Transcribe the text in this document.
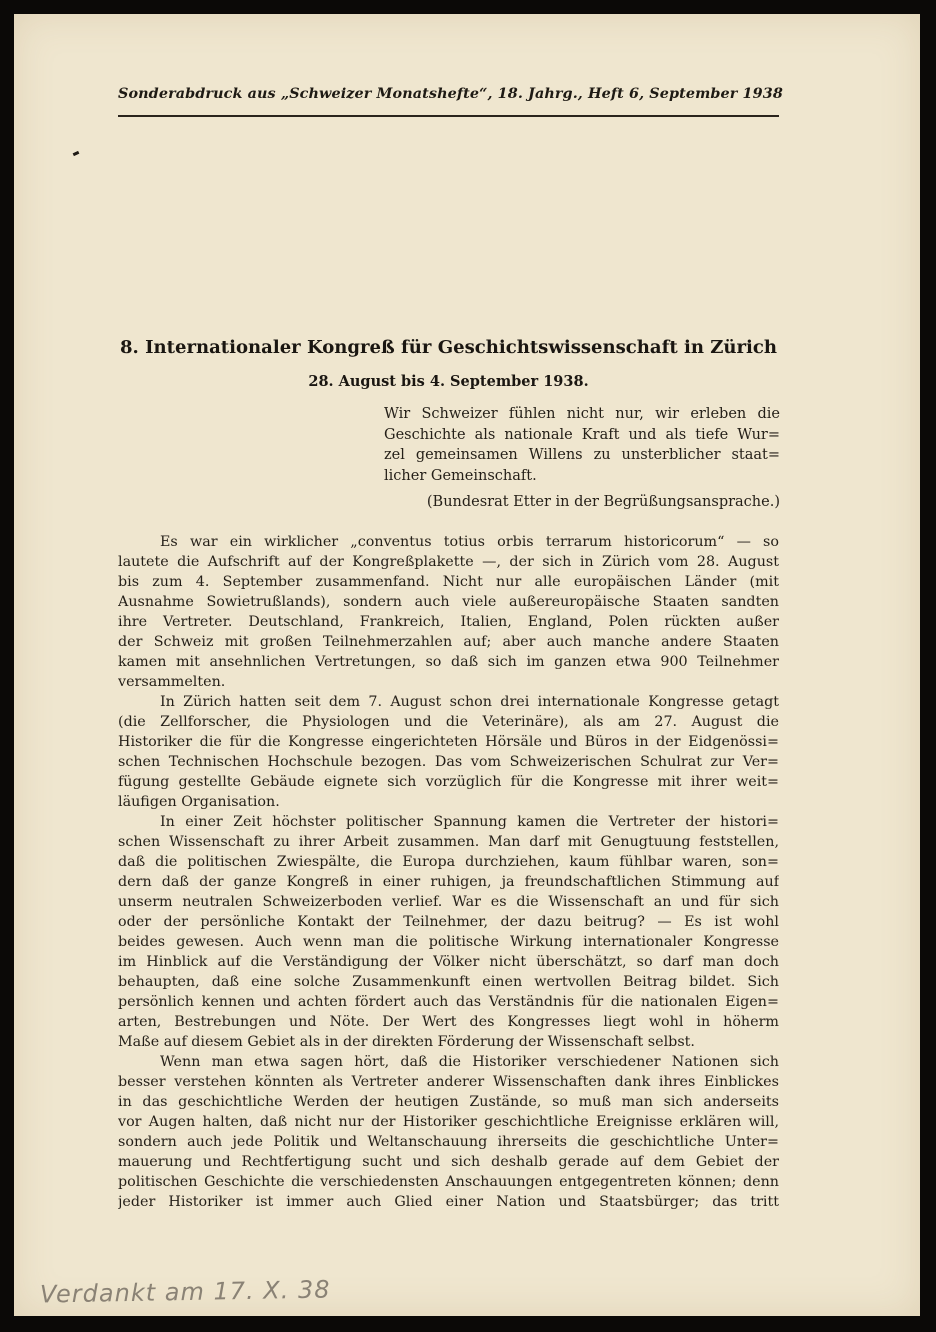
Sonderabdruck aus „Schweizer Monatshefte“, 18. Jahrg., Heft 6, September 1938
8. Internationaler Kongreß für Geschichtswissenschaft in Zürich
28. August bis 4. September 1938.
Wir Schweizer fühlen nicht nur, wir erleben die
Geschichte als nationale Kraft und als tiefe Wur=
zel gemeinsamen Willens zu unsterblicher staat=
licher Gemeinschaft.
(Bundesrat Etter in der Begrüßungsansprache.)
Es war ein wirklicher „conventus totius orbis terrarum historicorum“ — so
lautete die Aufschrift auf der Kongreßplakette —, der sich in Zürich vom 28. August
bis zum 4. September zusammenfand. Nicht nur alle europäischen Länder (mit
Ausnahme Sowietrußlands), sondern auch viele außereuropäische Staaten sandten
ihre Vertreter. Deutschland, Frankreich, Italien, England, Polen rückten außer
der Schweiz mit großen Teilnehmerzahlen auf; aber auch manche andere Staaten
kamen mit ansehnlichen Vertretungen, so daß sich im ganzen etwa 900 Teilnehmer
versammelten.
In Zürich hatten seit dem 7. August schon drei internationale Kongresse getagt
(die Zellforscher, die Physiologen und die Veterinäre), als am 27. August die
Historiker die für die Kongresse eingerichteten Hörsäle und Büros in der Eidgenössi=
schen Technischen Hochschule bezogen. Das vom Schweizerischen Schulrat zur Ver=
fügung gestellte Gebäude eignete sich vorzüglich für die Kongresse mit ihrer weit=
läufigen Organisation.
In einer Zeit höchster politischer Spannung kamen die Vertreter der histori=
schen Wissenschaft zu ihrer Arbeit zusammen. Man darf mit Genugtuung feststellen,
daß die politischen Zwiespälte, die Europa durchziehen, kaum fühlbar waren, son=
dern daß der ganze Kongreß in einer ruhigen, ja freundschaftlichen Stimmung auf
unserm neutralen Schweizerboden verlief. War es die Wissenschaft an und für sich
oder der persönliche Kontakt der Teilnehmer, der dazu beitrug? — Es ist wohl
beides gewesen. Auch wenn man die politische Wirkung internationaler Kongresse
im Hinblick auf die Verständigung der Völker nicht überschätzt, so darf man doch
behaupten, daß eine solche Zusammenkunft einen wertvollen Beitrag bildet. Sich
persönlich kennen und achten fördert auch das Verständnis für die nationalen Eigen=
arten, Bestrebungen und Nöte. Der Wert des Kongresses liegt wohl in höherm
Maße auf diesem Gebiet als in der direkten Förderung der Wissenschaft selbst.
Wenn man etwa sagen hört, daß die Historiker verschiedener Nationen sich
besser verstehen könnten als Vertreter anderer Wissenschaften dank ihres Einblickes
in das geschichtliche Werden der heutigen Zustände, so muß man sich anderseits
vor Augen halten, daß nicht nur der Historiker geschichtliche Ereignisse erklären will,
sondern auch jede Politik und Weltanschauung ihrerseits die geschichtliche Unter=
mauerung und Rechtfertigung sucht und sich deshalb gerade auf dem Gebiet der
politischen Geschichte die verschiedensten Anschauungen entgegentreten können; denn
jeder Historiker ist immer auch Glied einer Nation und Staatsbürger; das tritt
Verdankt am 17. X. 38
